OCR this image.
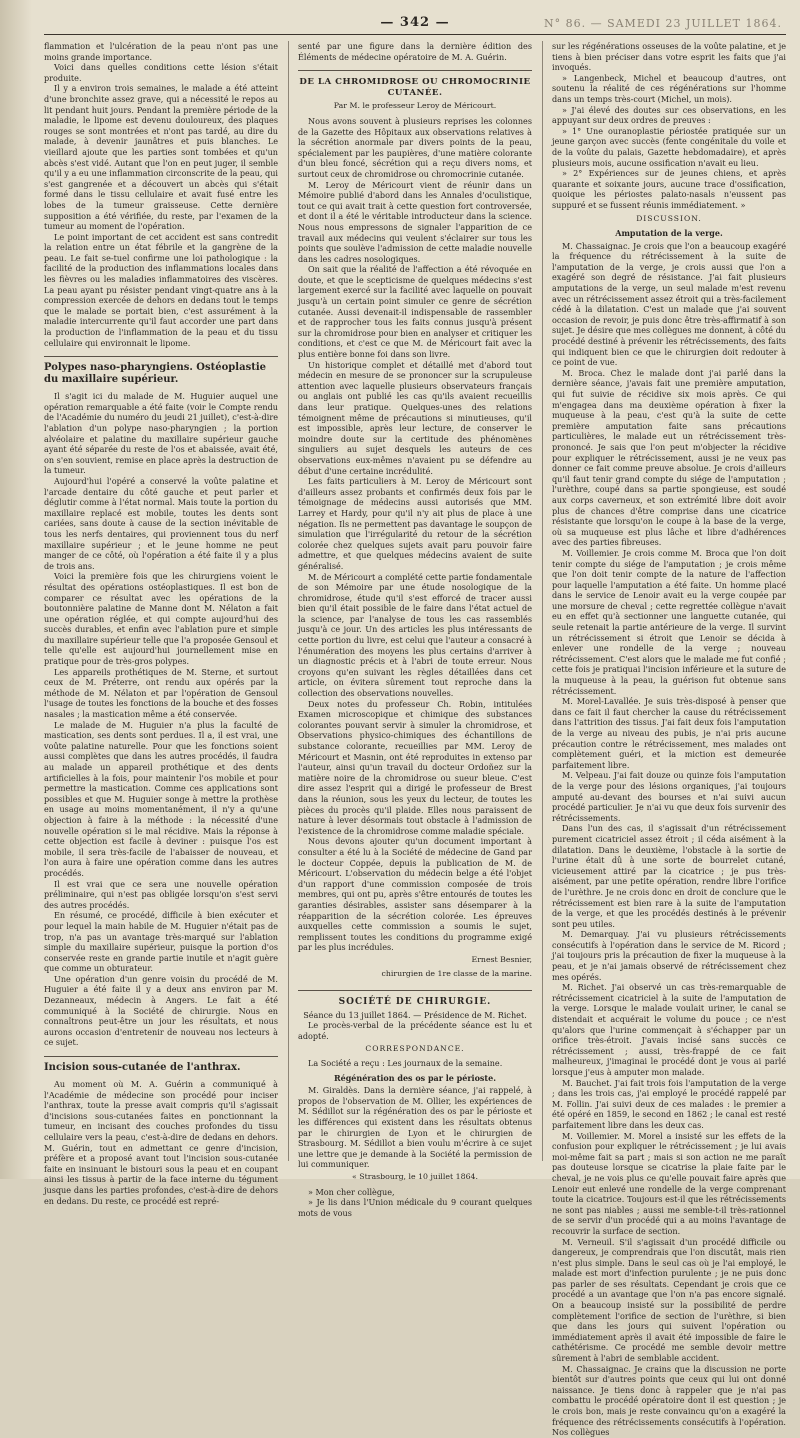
— 342 —	N° 86. — SAMEDI 23 JUILLET 1864.

flammation et l'ulcération de la peau n'ont pas une moins grande importance.

Voici dans quelles conditions cette lésion s'était produite.

Il y a environ trois semaines, le malade a été atteint d'une bronchite assez grave, qui a nécessité le repos au lit pendant huit jours. Pendant la première période de la maladie, le lipome est devenu douloureux, des plaques rouges se sont montrées et n'ont pas tardé, au dire du malade, à devenir jaunâtres et puis blanches. Le vieillard ajoute que les parties sont tombées et qu'un abcès s'est vidé. Autant que l'on en peut juger, il semble qu'il y a eu une inflammation circonscrite de la peau, qui s'est gangrenée et a découvert un abcès qui s'était formé dans le tissu cellulaire et avait fusé entre les lobes de la tumeur graisseuse. Cette dernière supposition a été vérifiée, du reste, par l'examen de la tumeur au moment de l'opération.

Le point important de cet accident est sans contredit la relation entre un état fébrile et la gangrène de la peau. Le fait se-tuel confirme une loi pathologique : la facilité de la production des inflammations locales dans les fièvres ou les maladies inflammatoires des viscères. La peau ayant pu résister pendant vingt-quatre ans à la compression exercée de dehors en dedans tout le temps que le malade se portait bien, c'est assurément à la maladie intercurrente qu'il faut accorder une part dans la production de l'inflammation de la peau et du tissu cellulaire qui environnait le lipome.

Polypes naso-pharyngiens. Ostéoplastie du maxillaire supérieur.

Il s'agit ici du malade de M. Huguier auquel une opération remarquable a été faite (voir le Compte rendu de l'Académie du numéro du jeudi 21 juillet), c'est-à-dire l'ablation d'un polype naso-pharyngien ; la portion alvéolaire et palatine du maxillaire supérieur gauche ayant été séparée du reste de l'os et abaissée, avait été, on s'en souvient, remise en place après la destruction de la tumeur.

Aujourd'hui l'opéré a conservé la voûte palatine et l'arcade dentaire du côté gauche et peut parler et déglutir comme à l'état normal. Mais toute la portion du maxillaire replacé est mobile, toutes les dents sont cariées, sans doute à cause de la section inévitable de tous les nerfs dentaires, qui proviennent tous du nerf maxillaire supérieur ; et le jeune homme ne peut manger de ce côté, où l'opération a été faite il y a plus de trois ans.

Voici la première fois que les chirurgiens voient le résultat des opérations ostéoplastiques. Il est bon de comparer ce résultat avec les opérations de la boutonnière palatine de Manne dont M. Nélaton a fait une opération réglée, et qui compte aujourd'hui des succès durables, et enfin avec l'ablation pure et simple du maxillaire supérieur telle que l'a proposée Gensoul et telle qu'elle est aujourd'hui journellement mise en pratique pour de très-gros polypes.

Les appareils prothétiques de M. Sterne, et surtout ceux de M. Préterre, ont rendu aux opérés par la méthode de M. Nélaton et par l'opération de Gensoul l'usage de toutes les fonctions de la bouche et des fosses nasales ; la mastication même a été conservée.

Le malade de M. Huguier n'a plus la faculté de mastication, ses dents sont perdues. Il a, il est vrai, une voûte palatine naturelle. Pour que les fonctions soient aussi complètes que dans les autres procédés, il faudra au malade un appareil prothétique et des dents artificielles à la fois, pour maintenir l'os mobile et pour permettre la mastication. Comme ces applications sont possibles et que M. Huguier songe à mettre la prothèse en usage au moins momentanément, il n'y a qu'une objection à faire à la méthode : la nécessité d'une nouvelle opération si le mal récidive. Mais la réponse à cette objection est facile à deviner : puisque l'os est mobile, il sera très-facile de l'abaisser de nouveau, et l'on aura à faire une opération comme dans les autres procédés.

Il est vrai que ce sera une nouvelle opération préliminaire, qui n'est pas obligée lorsqu'on s'est servi des autres procédés.

En résumé, ce procédé, difficile à bien exécuter et pour lequel la main habile de M. Huguier n'était pas de trop, n'a pas un avantage très-marqué sur l'ablation simple du maxillaire supérieur, puisque la portion d'os conservée reste en grande partie inutile et n'agit guère que comme un obturateur.

Une opération d'un genre voisin du procédé de M. Huguier a été faite il y a deux ans environ par M. Dezanneaux, médecin à Angers. Le fait a été communiqué à la Société de chirurgie. Nous en connaîtrons peut-être un jour les résultats, et nous aurons occasion d'entretenir de nouveau nos lecteurs à ce sujet.

Incision sous-cutanée de l'anthrax.

Au moment où M. A. Guérin a communiqué à l'Académie de médecine son procédé pour inciser l'anthrax, toute la presse avait compris qu'il s'agissait d'incisions sous-cutanées faites en ponctionnant la tumeur, en incisant des couches profondes du tissu cellulaire vers la peau, c'est-à-dire de dedans en dehors. M. Guérin, tout en admettant ce genre d'incision, préfère et a proposé avant tout l'incision sous-cutanée faite en insinuant le bistouri sous la peau et en coupant ainsi les tissus à partir de la face interne du tégument jusque dans les parties profondes, c'est-à-dire de dehors en dedans. Du reste, ce procédé est repré-

senté par une figure dans la dernière édition des Éléments de médecine opératoire de M. A. Guérin.

DE LA CHROMIDROSE OU CHROMOCRINIE CUTANÉE.
Par M. le professeur Leroy de Méricourt.

Nous avons souvent à plusieurs reprises les colonnes de la Gazette des Hôpitaux aux observations relatives à la sécrétion anormale par divers points de la peau, spécialement par les paupières, d'une matière colorante d'un bleu foncé, sécrétion qui a reçu divers noms, et surtout ceux de chromidrose ou chromocrinie cutanée.

M. Leroy de Méricourt vient de réunir dans un Mémoire publié d'abord dans les Annales d'oculistique, tout ce qui avait trait à cette question fort controversée, et dont il a été le véritable introducteur dans la science. Nous nous empressons de signaler l'apparition de ce travail aux médecins qui veulent s'éclairer sur tous les points que soulève l'admission de cette maladie nouvelle dans les cadres nosologiques.

On sait que la réalité de l'affection a été révoquée en doute, et que le scepticisme de quelques médecins s'est largement exercé sur la facilité avec laquelle on pouvait jusqu'à un certain point simuler ce genre de sécrétion cutanée. Aussi devenait-il indispensable de rassembler et de rapprocher tous les faits connus jusqu'à présent sur la chromidrose pour bien en analyser et critiquer les conditions, et c'est ce que M. de Méricourt fait avec la plus entière bonne foi dans son livre.

Un historique complet et détaillé met d'abord tout médecin en mesure de se prononcer sur la scrupuleuse attention avec laquelle plusieurs observateurs français ou anglais ont publié les cas qu'ils avaient recueillis dans leur pratique. Quelques-unes des relations témoignent même de précautions si minutieuses, qu'il est impossible, après leur lecture, de conserver le moindre doute sur la certitude des phénomènes singuliers au sujet desquels les auteurs de ces observations eux-mêmes n'avaient pu se défendre au début d'une certaine incrédulité.

Les faits particuliers à M. Leroy de Méricourt sont d'ailleurs assez probants et confirmés deux fois par le témoignage de médecins aussi autorisés que MM. Larrey et Hardy, pour qu'il n'y ait plus de place à une négation. Ils ne permettent pas davantage le soupçon de simulation que l'irrégularité du retour de la sécrétion colorée chez quelques sujets avait paru pouvoir faire admettre, et que quelques médecins avaient de suite généralisé.

M. de Méricourt a complété cette partie fondamentale de son Mémoire par une étude nosologique de la chromidrose, étude qu'il s'est efforcé de tracer aussi bien qu'il était possible de le faire dans l'état actuel de la science, par l'analyse de tous les cas rassemblés jusqu'à ce jour. Un des articles les plus intéressants de cette portion du livre, est celui que l'auteur a consacré à l'énumération des moyens les plus certains d'arriver à un diagnostic précis et à l'abri de toute erreur. Nous croyons qu'en suivant les règles détaillées dans cet article, on évitera sûrement tout reproche dans la collection des observations nouvelles.

Deux notes du professeur Ch. Robin, intitulées Examen microscopique et chimique des substances colorantes pouvant servir à simuler la chromidrose, et Observations physico-chimiques des échantillons de substance colorante, recueillies par MM. Leroy de Méricourt et Masnin, ont été reproduites in extenso par l'auteur, ainsi qu'un travail du docteur Ordoñez sur la matière noire de la chromidrose ou sueur bleue. C'est dire assez l'esprit qui a dirigé le professeur de Brest dans la réunion, sous les yeux du lecteur, de toutes les pièces du procès qu'il plaide. Elles nous paraissent de nature à lever désormais tout obstacle à l'admission de l'existence de la chromidrose comme maladie spéciale.

Nous devons ajouter qu'un document important à consulter a été lu à la Société de médecine de Gand par le docteur Coppée, depuis la publication de M. de Méricourt. L'observation du médecin belge a été l'objet d'un rapport d'une commission composée de trois membres, qui ont pu, après s'être entourés de toutes les garanties désirables, assister sans désemparer à la réapparition de la sécrétion colorée. Les épreuves auxquelles cette commission a soumis le sujet, remplissent toutes les conditions du programme exigé par les plus incrédules.

Ernest Besnier,
chirurgien de 1re classe de la marine.
SOCIÉTÉ DE CHIRURGIE.

Séance du 13 juillet 1864. — Présidence de M. Richet.

Le procès-verbal de la précédente séance est lu et adopté.

CORRESPONDANCE.

La Société a reçu : Les journaux de la semaine.

Régénération des os par le périoste.

M. Giraldès. Dans la dernière séance, j'ai rappelé, à propos de l'observation de M. Ollier, les expériences de M. Sédillot sur la régénération des os par le périoste et les différences qui existent dans les résultats obtenus par le chirurgien de Lyon et le chirurgien de Strasbourg. M. Sédillot a bien voulu m'écrire à ce sujet une lettre que je demande à la Société la permission de lui communiquer.

« Strasbourg, le 10 juillet 1864.

» Mon cher collègue,

» Je lis dans l'Union médicale du 9 courant quelques mots de vous

sur les régénérations osseuses de la voûte palatine, et je tiens à bien préciser dans votre esprit les faits que j'ai invoqués.

» Langenbeck, Michel et beaucoup d'autres, ont soutenu la réalité de ces régénérations sur l'homme dans un temps très-court (Michel, un mois).

» J'ai élevé des doutes sur ces observations, en les appuyant sur deux ordres de preuves :

» 1° Une ouranoplastie périostée pratiquée sur un jeune garçon avec succès (fente congénitale du voile et de la voûte du palais, Gazette hebdomadaire), et après plusieurs mois, aucune ossification n'avait eu lieu.

» 2° Expériences sur de jeunes chiens, et après quarante et soixante jours, aucune trace d'ossification, quoique les périostes palato-nasals n'eussent pas suppuré et se fussent réunis immédiatement. »

DISCUSSION.
Amputation de la verge.

M. Chassaignac. Je crois que l'on a beaucoup exagéré la fréquence du rétrécissement à la suite de l'amputation de la verge, je crois aussi que l'on a exagéré son degré de résistance. J'ai fait plusieurs amputations de la verge, un seul malade m'est revenu avec un rétrécissement assez étroit qui a très-facilement cédé à la dilatation. C'est un malade que j'ai souvent occasion de revoir, je puis donc être très-affirmatif à son sujet. Je désire que mes collègues me donnent, à côté du procédé destiné à prévenir les rétrécissements, des faits qui indiquent bien ce que le chirurgien doit redouter à ce point de vue.

M. Broca. Chez le malade dont j'ai parlé dans la dernière séance, j'avais fait une première amputation, qui fut suivie de récidive six mois après. Ce qui m'engagea dans ma deuxième opération à fixer la muqueuse à la peau, c'est qu'à la suite de cette première amputation faite sans précautions particulières, le malade eut un rétrécissement très-prononcé. Je sais que l'on peut m'objecter la récidive pour expliquer le rétrécissement, aussi je ne veux pas donner ce fait comme preuve absolue. Je crois d'ailleurs qu'il faut tenir grand compte du siége de l'amputation ; l'urèthre, coupé dans sa partie spongieuse, est soudé aux corps caverneux, et son extrémité libre doit avoir plus de chances d'être comprise dans une cicatrice résistante que lorsqu'on le coupe à la base de la verge, où sa muqueuse est plus lâche et libre d'adhérences avec des parties fibreuses.

M. Voillemier. Je crois comme M. Broca que l'on doit tenir compte du siége de l'amputation ; je crois même que l'on doit tenir compte de la nature de l'affection pour laquelle l'amputation a été faite. Un homme placé dans le service de Lenoir avait eu la verge coupée par une morsure de cheval ; cette regrettée collègue n'avait eu en effet qu'à sectionner une languette cutanée, qui seule retenait la partie antérieure de la verge. Il survint un rétrécissement si étroit que Lenoir se décida à enlever une rondelle de la verge ; nouveau rétrécissement. C'est alors que le malade me fut confié ; cette fois je pratiquai l'incision inférieure et la suture de la muqueuse à la peau, la guérison fut obtenue sans rétrécissement.

M. Morel-Lavallée. Je suis très-disposé à penser que dans ce fait il faut chercher la cause du rétrécissement dans l'attrition des tissus. J'ai fait deux fois l'amputation de la verge au niveau des pubis, je n'ai pris aucune précaution contre le rétrécissement, mes malades ont complètement guéri, et la miction est demeurée parfaitement libre.

M. Velpeau. J'ai fait douze ou quinze fois l'amputation de la verge pour des lésions organiques, j'ai toujours amputé au-devant des bourses et n'ai suivi aucun procédé particulier. Je n'ai vu que deux fois survenir des rétrécissements.

Dans l'un des cas, il s'agissait d'un rétrécissement purement cicatriciel assez étroit ; il céda aisément à la dilatation. Dans le deuxième, l'obstacle à la sortie de l'urine était dû à une sorte de bourrelet cutané, vicieusement attiré par la cicatrice ; je pus très-aisément, par une petite opération, rendre libre l'orifice de l'urèthre. Je ne crois donc en droit de conclure que le rétrécissement est bien rare à la suite de l'amputation de la verge, et que les procédés destinés à le prévenir sont peu utiles.

M. Demarquay. J'ai vu plusieurs rétrécissements consécutifs à l'opération dans le service de M. Ricord ; j'ai toujours pris la précaution de fixer la muqueuse à la peau, et je n'ai jamais observé de rétrécissement chez mes opérés.

M. Richet. J'ai observé un cas très-remarquable de rétrécissement cicatriciel à la suite de l'amputation de la verge. Lorsque le malade voulait uriner, le canal se distendait et acquérait le volume du pouce ; ce n'est qu'alors que l'urine commençait à s'échapper par un orifice très-étroit. J'avais incisé sans succès ce rétrécissement ; aussi, très-frappé de ce fait malheureux, j'imaginai le procédé dont je vous ai parlé lorsque j'eus à amputer mon malade.

M. Bauchet. J'ai fait trois fois l'amputation de la verge ; dans les trois cas, j'ai employé le procédé rappelé par M. Follin. J'ai suivi deux de ces malades : le premier a été opéré en 1859, le second en 1862 ; le canal est resté parfaitement libre dans les deux cas.

M. Voillemier. M. Morel a insisté sur les effets de la confusion pour expliquer le rétrécissement ; je lui avais moi-même fait sa part ; mais si son action ne me paraît pas douteuse lorsque se cicatrise la plaie faite par le cheval, je ne vois plus ce qu'elle pouvait faire après que Lenoir eut enlevé une rondelle de la verge comprenant toute la cicatrice. Toujours est-il que les rétrécissements ne sont pas niables ; aussi me semble-t-il très-rationnel de se servir d'un procédé qui a au moins l'avantage de recouvrir la surface de section.

M. Verneuil. S'il s'agissait d'un procédé difficile ou dangereux, je comprendrais que l'on discutât, mais rien n'est plus simple. Dans le seul cas où je l'ai employé, le malade est mort d'infection purulente ; je ne puis donc pas parler de ses résultats. Cependant je crois que ce procédé a un avantage que l'on n'a pas encore signalé. On a beaucoup insisté sur la possibilité de perdre complètement l'orifice de section de l'urèthre, si bien que dans les jours qui suivent l'opération ou immédiatement après il avait été impossible de faire le cathétérisme. Ce procédé me semble devoir mettre sûrement à l'abri de semblable accident.

M. Chassaignac. Je crains que la discussion ne porte bientôt sur d'autres points que ceux qui lui ont donné naissance. Je tiens donc à rappeler que je n'ai pas combattu le procédé opératoire dont il est question ; je le crois bon, mais je reste convaincu qu'on a exagéré la fréquence des rétrécissements consécutifs à l'opération. Nos collègues
